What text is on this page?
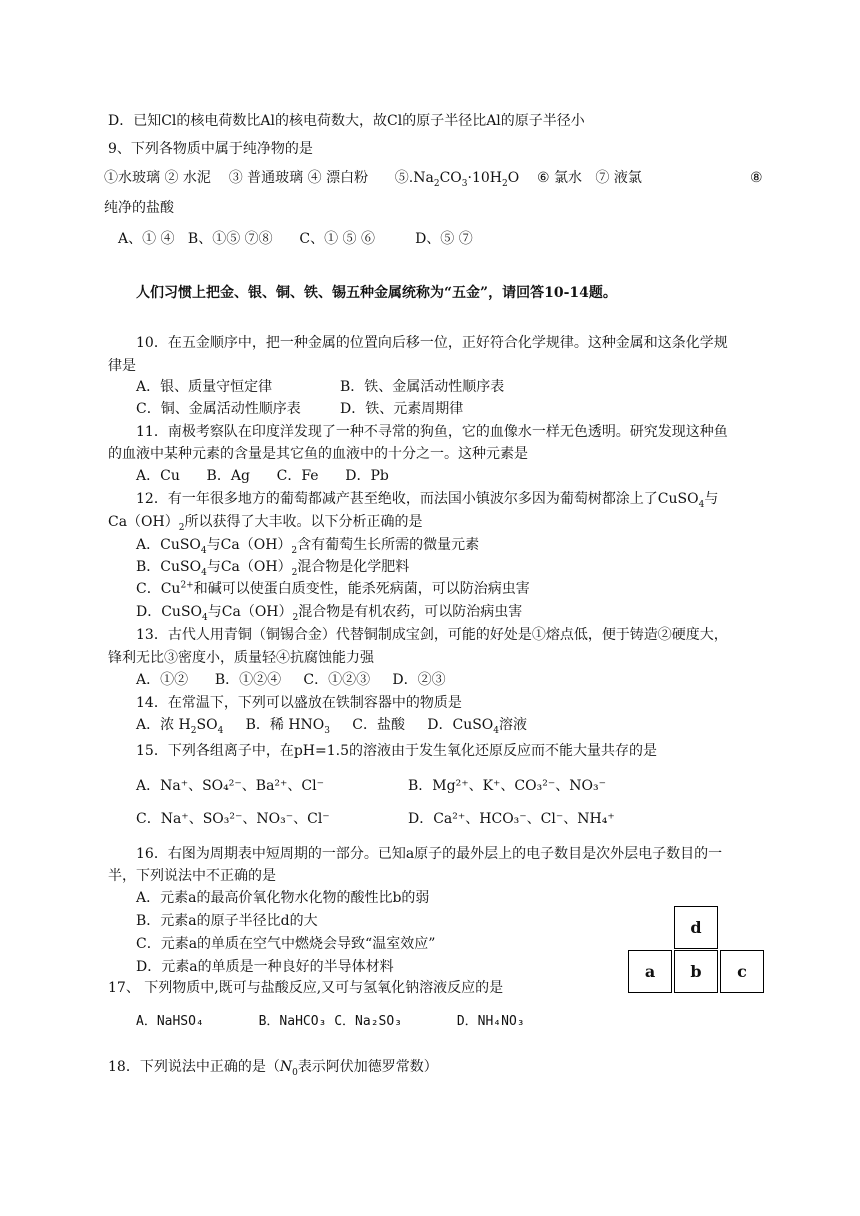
D．已知Cl的核电荷数比Al的核电荷数大，故Cl的原子半径比Al的原子半径小
9、下列各物质中属于纯净物的是
①水玻璃 ② 水泥 ③ 普通玻璃 ④ 漂白粉 $⑤.Na_2CO_3\cdot 10H_2O$ ⑥ 氯水 ⑦ 液氯	⑧
纯净的盐酸
A、① ④ B、①⑤ ⑦⑧ C、① ⑤ ⑥	D、⑤ ⑦
人们习惯上把金、银、铜、铁、锡五种金属统称为“五金”，请回答10-14题。
10．在五金顺序中，把一种金属的位置向后移一位，正好符合化学规律。这种金属和这条化学规
律是
A．银、质量守恒定律	B．铁、金属活动性顺序表
C．铜、金属活动性顺序表	D．铁、元素周期律
11．南极考察队在印度洋发现了一种不寻常的狗鱼，它的血像水一样无色透明。研究发现这种鱼
的血液中某种元素的含量是其它鱼的血液中的十分之一。这种元素是
A．Cu B．Ag C．Fe D．Pb
12．有一年很多地方的葡萄都减产甚至绝收，而法国小镇波尔多因为葡萄树都涂上了CuSO$_4$与
$Ca(OH)_2$所以获得了大丰收。以下分析正确的是
A．CuSO$_4$与$Ca(OH)_2$含有葡萄生长所需的微量元素
B．CuSO$_4$与$Ca(OH)_2$混合物是化学肥料
C．$Cu^{2+}$和碱可以使蛋白质变性，能杀死病菌，可以防治病虫害
D．CuSO$_4$与$Ca(OH)_2$混合物是有机农药，可以防治病虫害
13．古代人用青铜（铜锡合金）代替铜制成宝剑，可能的好处是①熔点低，便于铸造②硬度大，
锋利无比③密度小，质量轻④抗腐蚀能力强
A．①② B．①②④ C．①②③ D．②③
14．在常温下，下列可以盛放在铁制容器中的物质是
A．浓 $H_2SO_4$ B．稀 $HNO_3$ C．盐酸 D．CuSO$_4$溶液
15．下列各组离子中，在pH=1.5的溶液由于发生氧化还原反应而不能大量共存的是
A．Na⁺、SO₄²⁻、Ba²⁺、Cl⁻	B．Mg²⁺、K⁺、CO₃²⁻、NO₃⁻
C．Na⁺、SO₃²⁻、NO₃⁻、Cl⁻	D．Ca²⁺、HCO₃⁻、Cl⁻、NH₄⁺
16．右图为周期表中短周期的一部分。已知a原子的最外层上的电子数目是次外层电子数目的一
半，下列说法中不正确的是
A．元素a的最高价氧化物水化物的酸性比b的弱
B．元素a的原子半径比d的大
C．元素a的单质在空气中燃烧会导致“温室效应”
D．元素a的单质是一种良好的半导体材料
d
a	b	c
17、 下列物质中,既可与盐酸反应,又可与氢氧化钠溶液反应的是
A．NaHSO₄	B．NaHCO₃ C．Na₂SO₃	D．NH₄NO₃
18．下列说法中正确的是（$N_0$表示阿伏加德罗常数）
